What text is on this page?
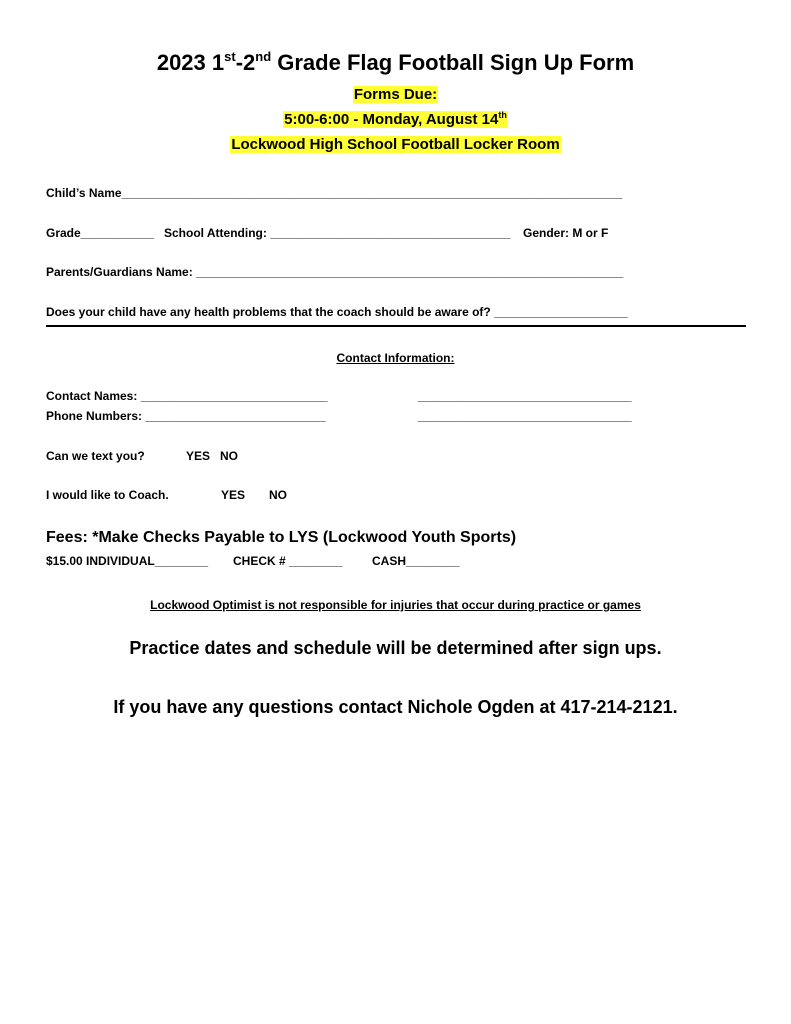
2023 1st-2nd Grade Flag Football Sign Up Form
Forms Due:
5:00-6:00 - Monday, August 14th
Lockwood High School Football Locker Room
Child’s Name___________________________________________________________________________
Grade___________ School Attending: ____________________________________ Gender: M or F
Parents/Guardians Name: ________________________________________________________________
Does your child have any health problems that the coach should be aware of? ____________________
Contact Information:
Contact Names: ____________________________	________________________________
Phone Numbers: ___________________________	________________________________
Can we text you?	YES NO
I would like to Coach.	YES NO
Fees: *Make Checks Payable to LYS (Lockwood Youth Sports)
$15.00 INDIVIDUAL________ CHECK # ________ CASH________
Lockwood Optimist is not responsible for injuries that occur during practice or games
Practice dates and schedule will be determined after sign ups.
If you have any questions contact Nichole Ogden at 417-214-2121.
